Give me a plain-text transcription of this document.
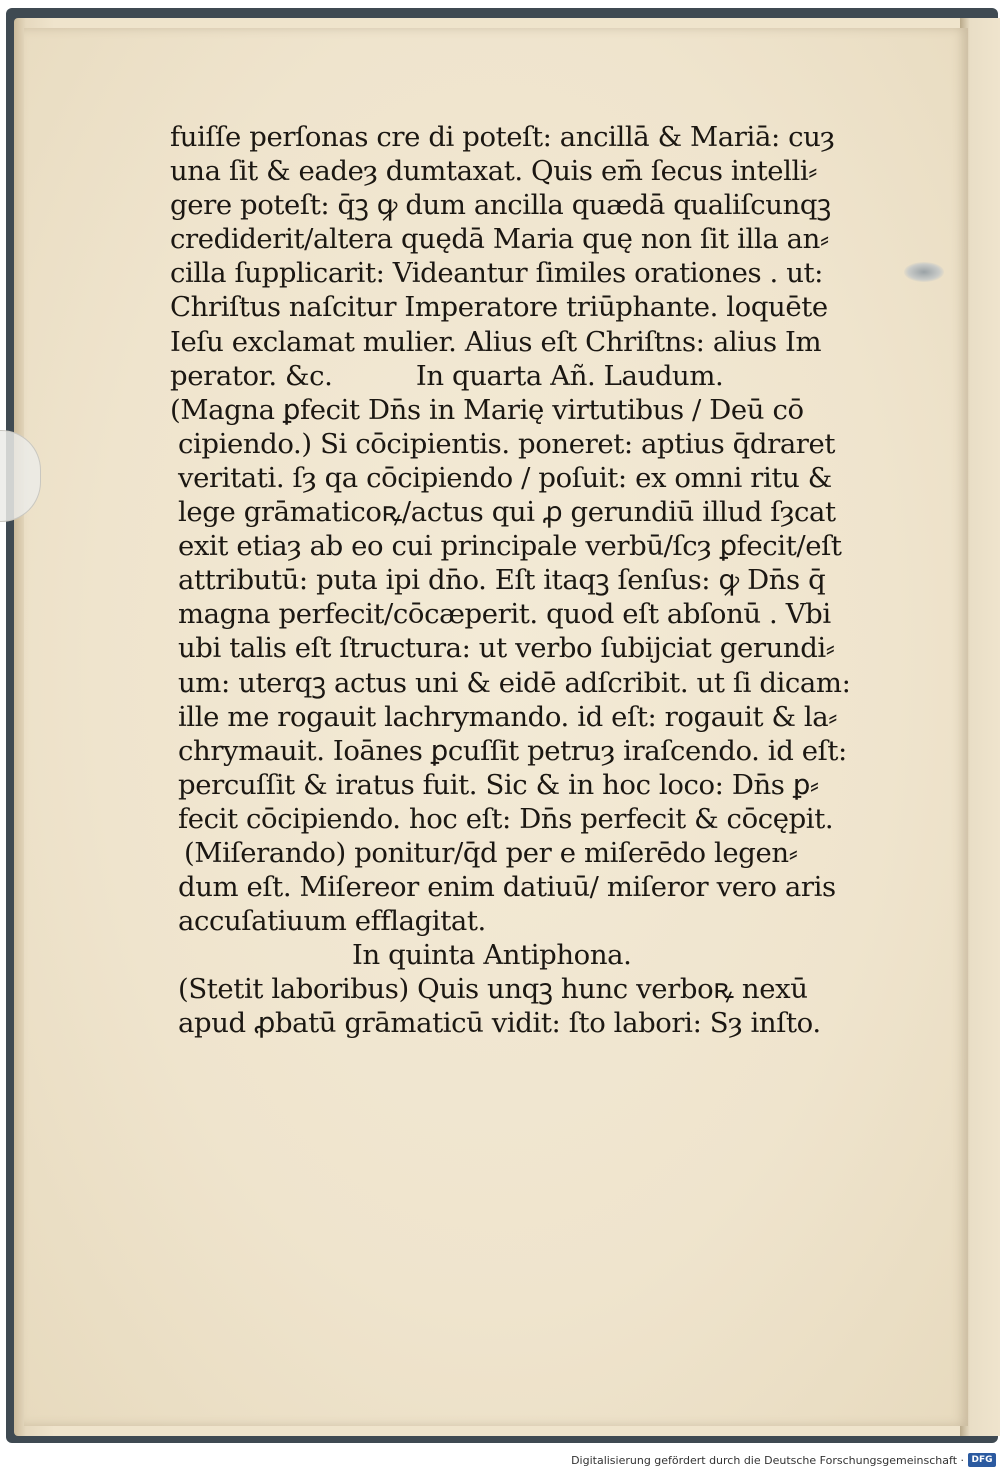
fuiſſe perſonas cre di poteſt: ancillā & Mariā: cuȝ
una ſit & eadeȝ dumtaxat. Quis em̄ ſecus intelli⸗
gere poteſt: q̄ꝫ ꝙ dum ancilla quædā qualiſcunqꝫ
crediderit/altera quędā Maria quę non ſit illa an⸗
cilla ſupplicarit: Videantur ſimiles orationes . ut:
Chriſtus naſcitur Imperatore triūphante. loquēte
Ieſu exclamat mulier. Alius eſt Chriſtns: alius Im
perator. &c.          In quarta Añ. Laudum.
(Magna ꝑfecit Dn̄s in Marię virtutibus / Deū cō
cipiendo.) Si cōcipientis. poneret: aptius q̄draret
veritati. ſȝ qa cōcipiendo / poſuit: ex omni ritu &
lege grāmaticoꝶ/actus qui ꝓ gerundiū illud ſȝcat
exit etiaȝ ab eo cui principale verbū/ſcȝ ꝑfecit/eſt
attributū: puta ipi dn̄o. Eſt itaqꝫ ſenſus: ꝙ Dn̄s q̄
magna perfecit/cōcæperit. quod eſt abſonū . Vbi
ubi talis eſt ſtructura: ut verbo ſubijciat gerundi⸗
um: uterqꝫ actus uni & eidē adſcribit. ut ſi dicam:
ille me rogauit lachrymando. id eſt: rogauit & la⸗
chrymauit. Ioānes ꝑcuſſit petruȝ iraſcendo. id eſt:
percuſſit & iratus fuit. Sic & in hoc loco: Dn̄s ꝑ⸗
fecit cōcipiendo. hoc eſt: Dn̄s perfecit & cōcępit.
(Miſerando) ponitur/q̄d per e miſerēdo legen⸗
dum eſt. Miſereor enim datiuū/ miſeror vero aris
accuſatiuum efflagitat.
In quinta Antiphona.
(Stetit laboribus) Quis unqꝫ hunc verboꝶ nexū
apud ꝓbatū grāmaticū vidit: ſto labori: Sȝ inſto.
Digitalisierung gefördert durch die Deutsche Forschungsgemeinschaft · DFG
